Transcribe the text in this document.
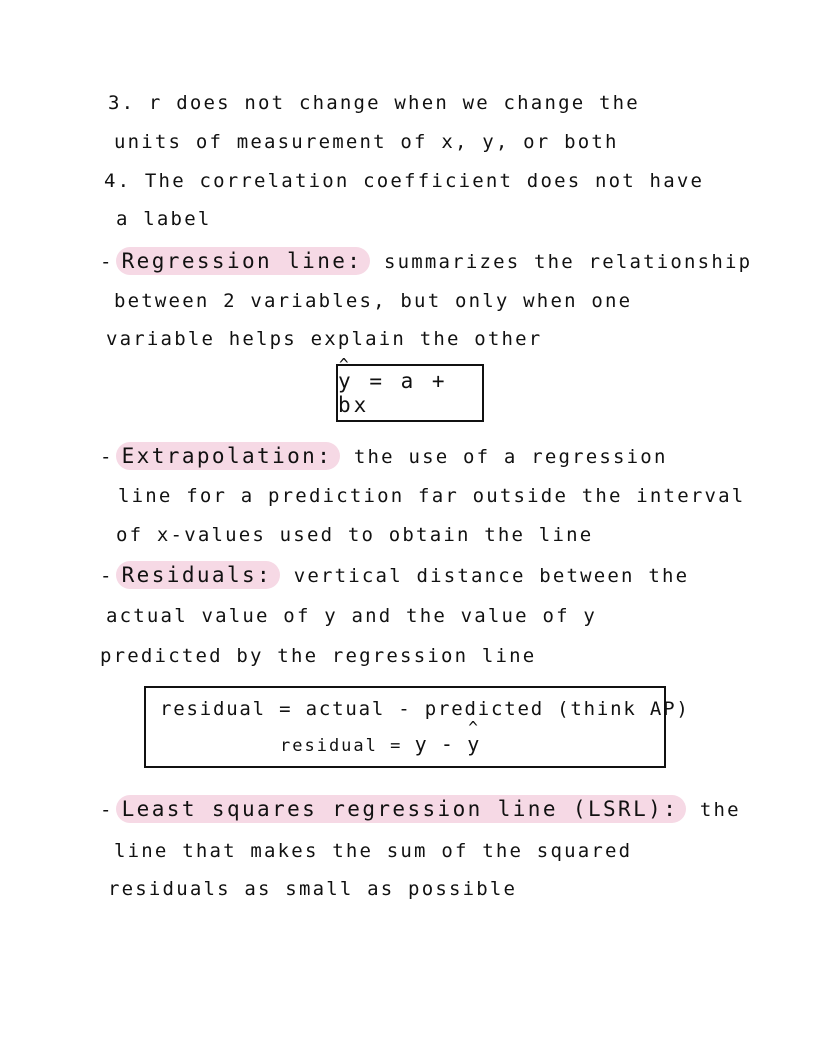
3. r does not change when we change the
units of measurement of x, y, or both
4. The correlation coefficient does not have
a label
- Regression line: summarizes the relationship
between 2 variables, but only when one
variable helps explain the other
^ y = a + bx
- Extrapolation: the use of a regression
line for a prediction far outside the interval
of x-values used to obtain the line
- Residuals: vertical distance between the
actual value of y and the value of y
predicted by the regression line
residual = actual - predicted (think AP)
residual = y - ^ y
- Least squares regression line (LSRL): the
line that makes the sum of the squared
residuals as small as possible
